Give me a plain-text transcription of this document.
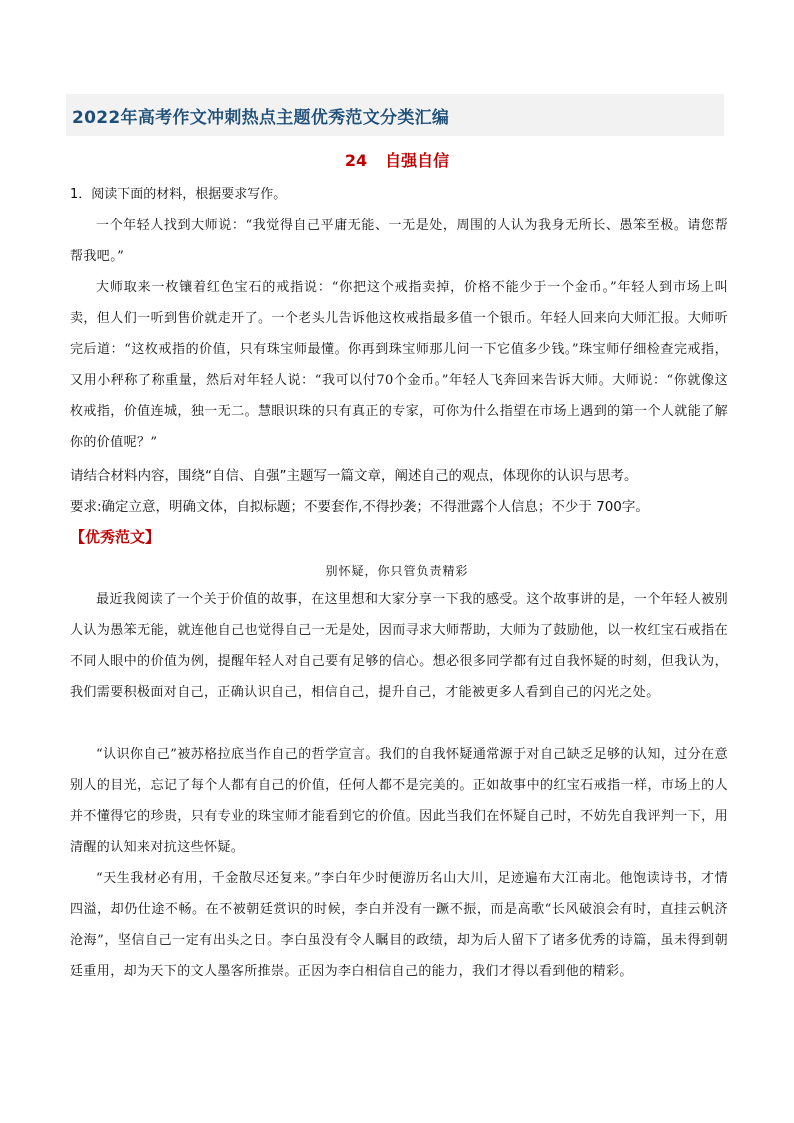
2022年高考作文冲刺热点主题优秀范文分类汇编
24 自强自信
1．阅读下面的材料，根据要求写作。

一个年轻人找到大师说：“我觉得自己平庸无能、一无是处，周围的人认为我身无所长、愚笨至极。请您帮帮我吧。”

大师取来一枚镶着红色宝石的戒指说：“你把这个戒指卖掉，价格不能少于一个金币。”年轻人到市场上叫卖，但人们一听到售价就走开了。一个老头儿告诉他这枚戒指最多值一个银币。年轻人回来向大师汇报。大师听完后道：“这枚戒指的价值，只有珠宝师最懂。你再到珠宝师那儿问一下它值多少钱。”珠宝师仔细检查完戒指，又用小秤称了称重量，然后对年轻人说：“我可以付70个金币。”年轻人飞奔回来告诉大师。大师说：“你就像这枚戒指，价值连城，独一无二。慧眼识珠的只有真正的专家，可你为什么指望在市场上遇到的第一个人就能了解你的价值呢？”

请结合材料内容，围绕“自信、自强”主题写一篇文章，阐述自己的观点，体现你的认识与思考。

要求:确定立意，明确文体，自拟标题；不要套作,不得抄袭；不得泄露个人信息；不少于 700字。

【优秀范文】
别怀疑，你只管负责精彩

最近我阅读了一个关于价值的故事，在这里想和大家分享一下我的感受。这个故事讲的是，一个年轻人被别人认为愚笨无能，就连他自己也觉得自己一无是处，因而寻求大师帮助，大师为了鼓励他，以一枚红宝石戒指在不同人眼中的价值为例，提醒年轻人对自己要有足够的信心。想必很多同学都有过自我怀疑的时刻，但我认为，我们需要积极面对自己，正确认识自己，相信自己，提升自己，才能被更多人看到自己的闪光之处。

“认识你自己”被苏格拉底当作自己的哲学宣言。我们的自我怀疑通常源于对自己缺乏足够的认知，过分在意别人的目光，忘记了每个人都有自己的价值，任何人都不是完美的。正如故事中的红宝石戒指一样，市场上的人并不懂得它的珍贵，只有专业的珠宝师才能看到它的价值。因此当我们在怀疑自己时，不妨先自我评判一下，用清醒的认知来对抗这些怀疑。

“天生我材必有用，千金散尽还复来。”李白年少时便游历名山大川，足迹遍布大江南北。他饱读诗书，才情四溢，却仍仕途不畅。在不被朝廷赏识的时候，李白并没有一蹶不振，而是高歌“长风破浪会有时，直挂云帆济沧海”，坚信自己一定有出头之日。李白虽没有令人瞩目的政绩，却为后人留下了诸多优秀的诗篇，虽未得到朝廷重用，却为天下的文人墨客所推崇。正因为李白相信自己的能力，我们才得以看到他的精彩。
